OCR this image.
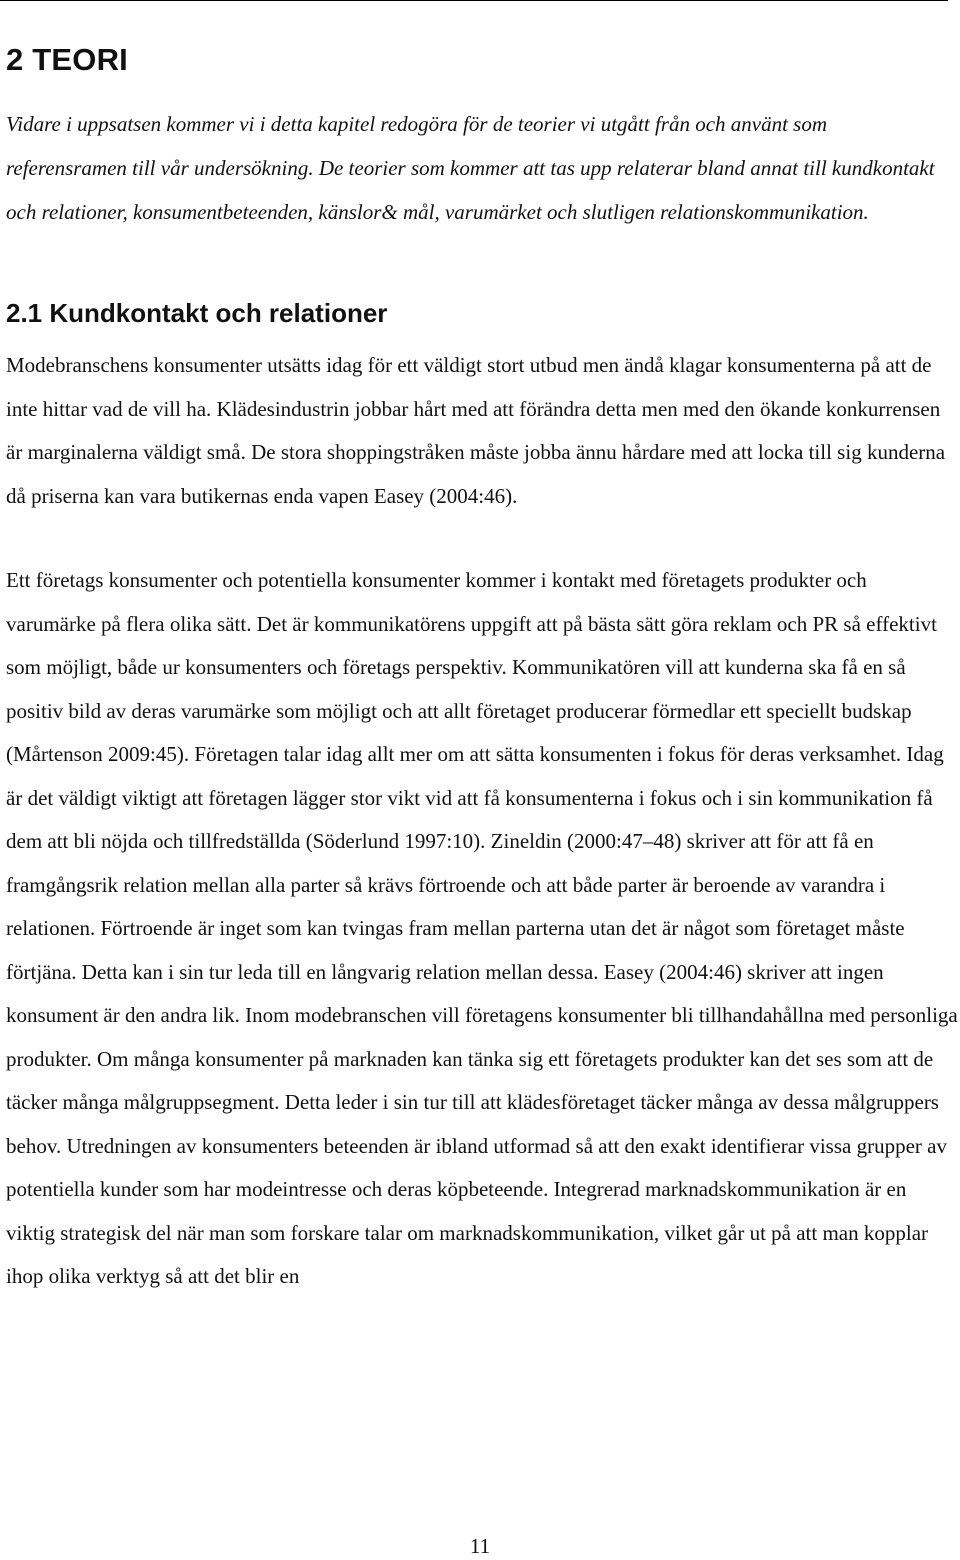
2 TEORI

Vidare i uppsatsen kommer vi i detta kapitel redogöra för de teorier vi utgått från och använt som referensramen till vår undersökning. De teorier som kommer att tas upp relaterar bland annat till kundkontakt och relationer, konsumentbeteenden, känslor& mål, varumärket och slutligen relationskommunikation.

2.1 Kundkontakt och relationer

Modebranschens konsumenter utsätts idag för ett väldigt stort utbud men ändå klagar konsumenterna på att de inte hittar vad de vill ha. Klädesindustrin jobbar hårt med att förändra detta men med den ökande konkurrensen är marginalerna väldigt små. De stora shoppingstråken måste jobba ännu hårdare med att locka till sig kunderna då priserna kan vara butikernas enda vapen Easey (2004:46).

Ett företags konsumenter och potentiella konsumenter kommer i kontakt med företagets produkter och varumärke på flera olika sätt. Det är kommunikatörens uppgift att på bästa sätt göra reklam och PR så effektivt som möjligt, både ur konsumenters och företags perspektiv. Kommunikatören vill att kunderna ska få en så positiv bild av deras varumärke som möjligt och att allt företaget producerar förmedlar ett speciellt budskap (Mårtenson 2009:45). Företagen talar idag allt mer om att sätta konsumenten i fokus för deras verksamhet. Idag är det väldigt viktigt att företagen lägger stor vikt vid att få konsumenterna i fokus och i sin kommunikation få dem att bli nöjda och tillfredställda (Söderlund 1997:10). Zineldin (2000:47–48) skriver att för att få en framgångsrik relation mellan alla parter så krävs förtroende och att både parter är beroende av varandra i relationen. Förtroende är inget som kan tvingas fram mellan parterna utan det är något som företaget måste förtjäna. Detta kan i sin tur leda till en långvarig relation mellan dessa. Easey (2004:46) skriver att ingen konsument är den andra lik. Inom modebranschen vill företagens konsumenter bli tillhandahållna med personliga produkter. Om många konsumenter på marknaden kan tänka sig ett företagets produkter kan det ses som att de täcker många målgruppsegment. Detta leder i sin tur till att klädesföretaget täcker många av dessa målgruppers behov. Utredningen av konsumenters beteenden är ibland utformad så att den exakt identifierar vissa grupper av potentiella kunder som har modeintresse och deras köpbeteende. Integrerad marknadskommunikation är en viktig strategisk del när man som forskare talar om marknadskommunikation, vilket går ut på att man kopplar ihop olika verktyg så att det blir en

11
